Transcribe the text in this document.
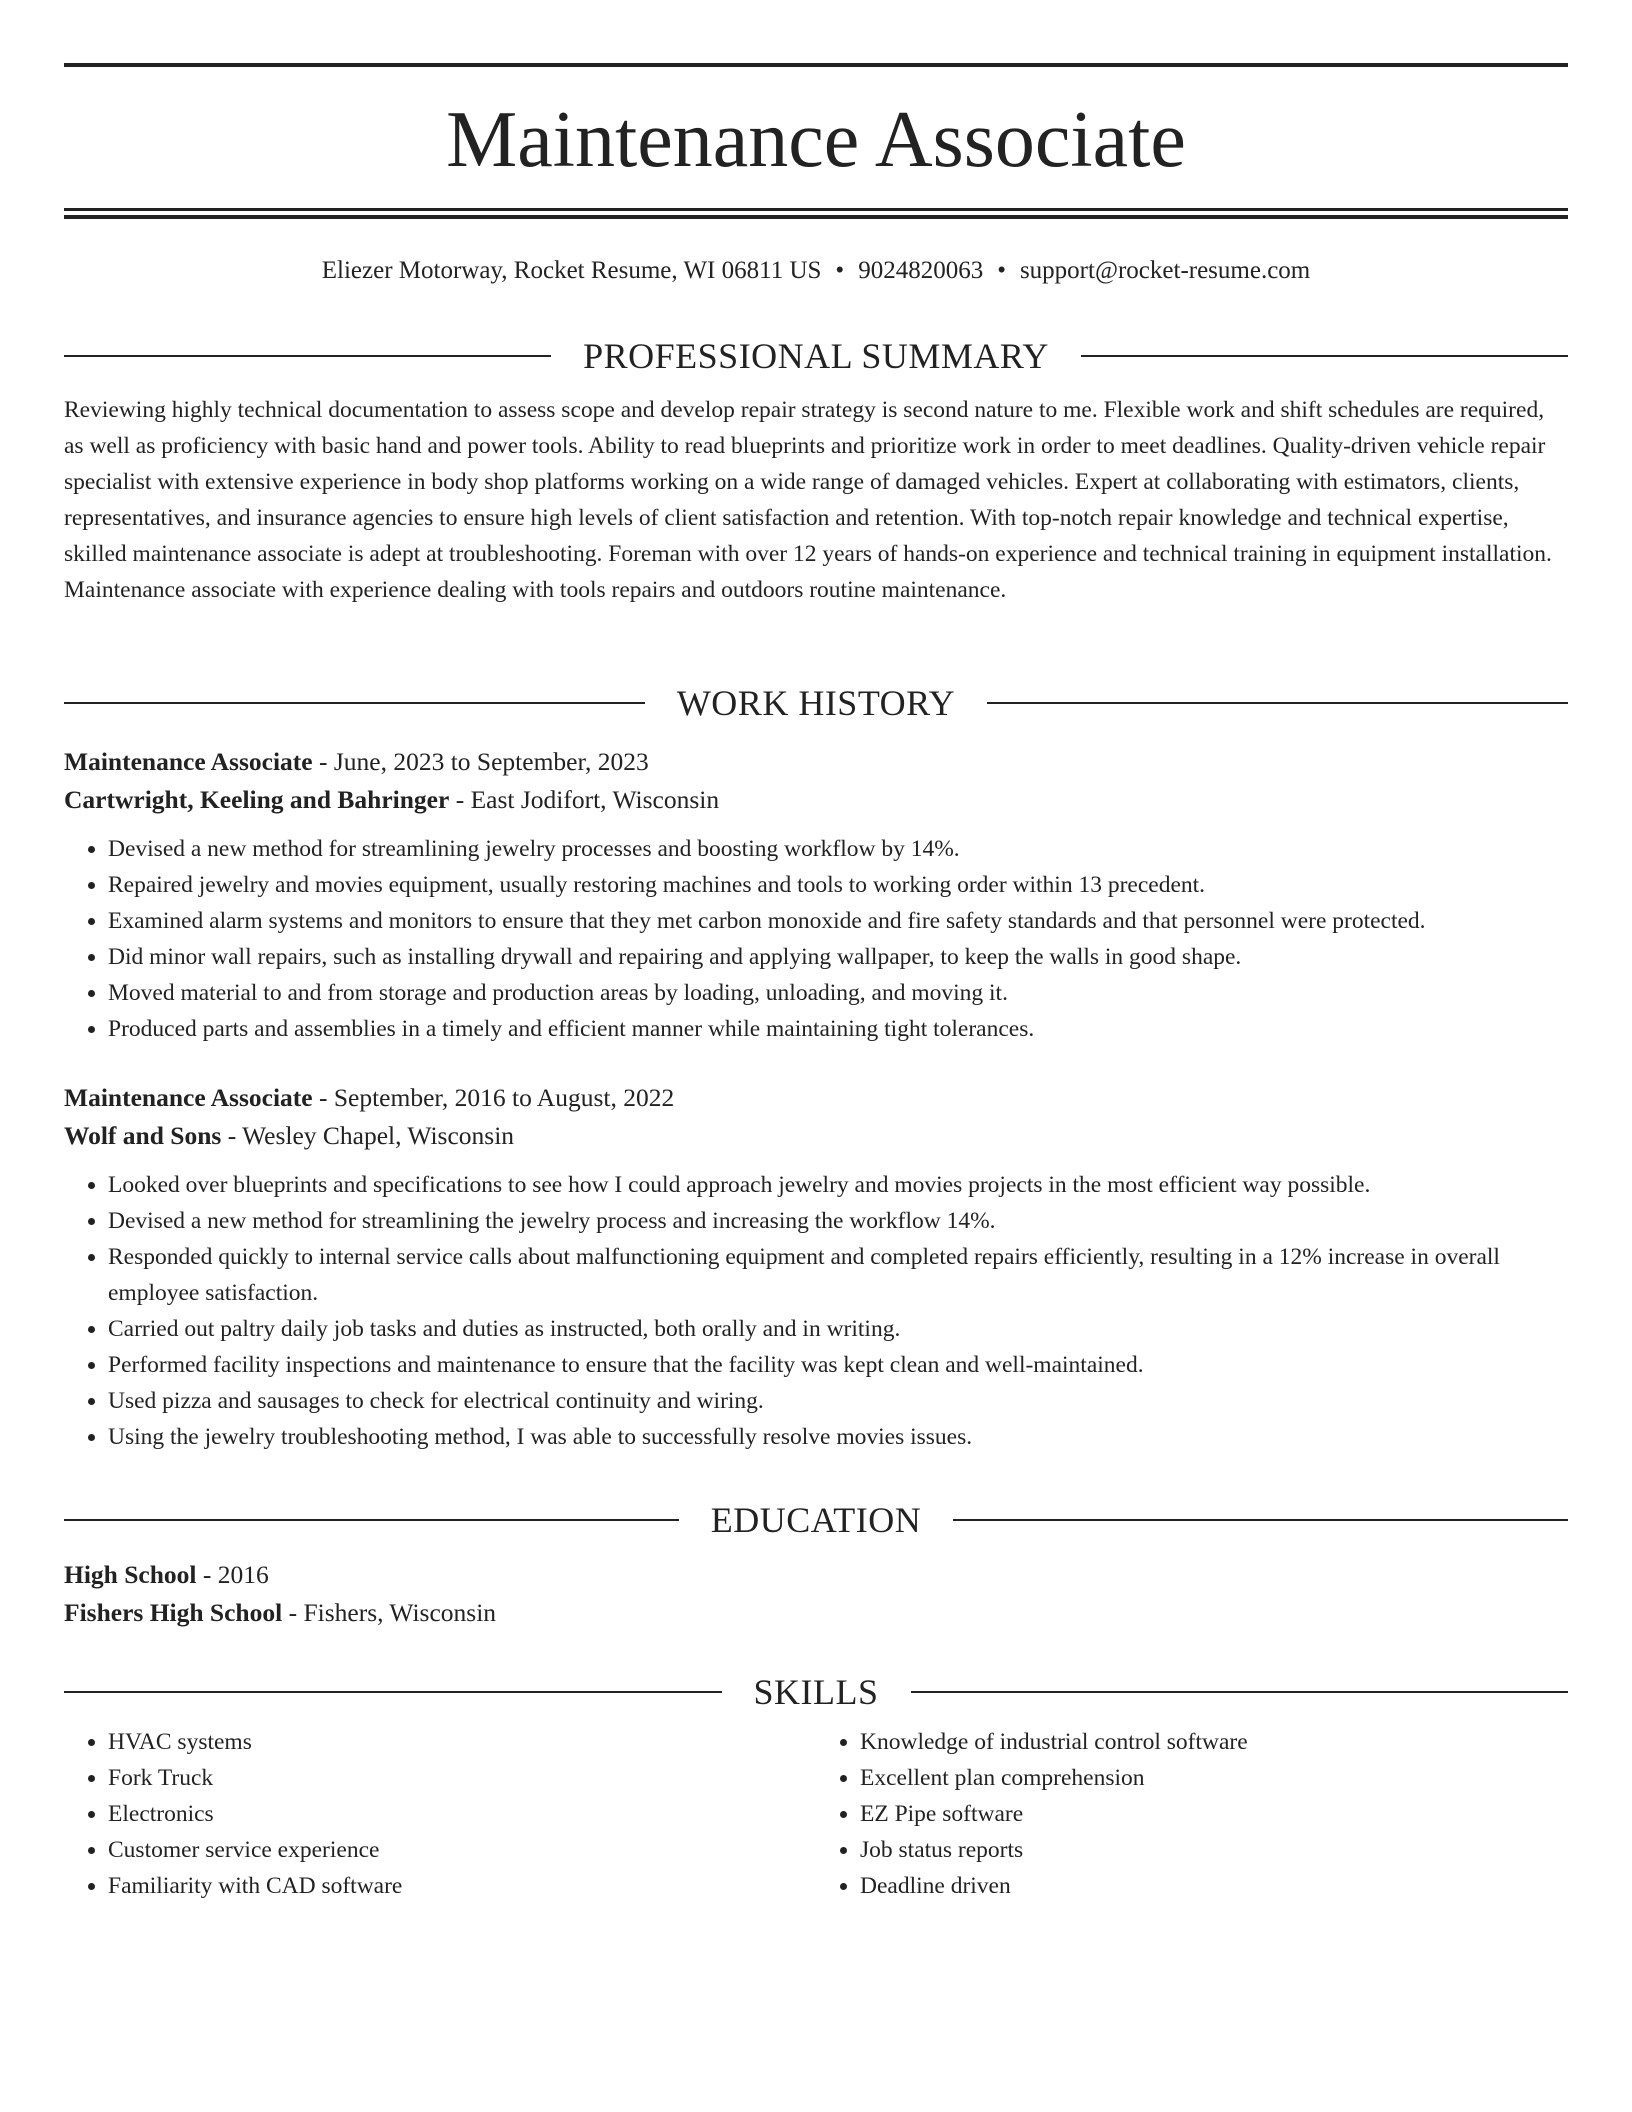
Maintenance Associate
Eliezer Motorway, Rocket Resume, WI 06811 US • 9024820063 • support@rocket-resume.com
PROFESSIONAL SUMMARY

Reviewing highly technical documentation to assess scope and develop repair strategy is second nature to me. Flexible work and shift schedules are required, as well as proficiency with basic hand and power tools. Ability to read blueprints and prioritize work in order to meet deadlines. Quality-driven vehicle repair specialist with extensive experience in body shop platforms working on a wide range of damaged vehicles. Expert at collaborating with estimators, clients, representatives, and insurance agencies to ensure high levels of client satisfaction and retention. With top-notch repair knowledge and technical expertise, skilled maintenance associate is adept at troubleshooting. Foreman with over 12 years of hands-on experience and technical training in equipment installation. Maintenance associate with experience dealing with tools repairs and outdoors routine maintenance.

WORK HISTORY

Maintenance Associate - June, 2023 to September, 2023

Cartwright, Keeling and Bahringer - East Jodifort, Wisconsin

• Devised a new method for streamlining jewelry processes and boosting workflow by 14%.
• Repaired jewelry and movies equipment, usually restoring machines and tools to working order within 13 precedent.
• Examined alarm systems and monitors to ensure that they met carbon monoxide and fire safety standards and that personnel were protected.
• Did minor wall repairs, such as installing drywall and repairing and applying wallpaper, to keep the walls in good shape.
• Moved material to and from storage and production areas by loading, unloading, and moving it.
• Produced parts and assemblies in a timely and efficient manner while maintaining tight tolerances.

Maintenance Associate - September, 2016 to August, 2022

Wolf and Sons - Wesley Chapel, Wisconsin

• Looked over blueprints and specifications to see how I could approach jewelry and movies projects in the most efficient way possible.
• Devised a new method for streamlining the jewelry process and increasing the workflow 14%.
• Responded quickly to internal service calls about malfunctioning equipment and completed repairs efficiently, resulting in a 12% increase in overall employee satisfaction.
• Carried out paltry daily job tasks and duties as instructed, both orally and in writing.
• Performed facility inspections and maintenance to ensure that the facility was kept clean and well-maintained.
• Used pizza and sausages to check for electrical continuity and wiring.
• Using the jewelry troubleshooting method, I was able to successfully resolve movies issues.
EDUCATION

High School - 2016

Fishers High School - Fishers, Wisconsin

SKILLS
• HVAC systems
• Fork Truck
• Electronics
• Customer service experience
• Familiarity with CAD software
• Knowledge of industrial control software
• Excellent plan comprehension
• EZ Pipe software
• Job status reports
• Deadline driven
